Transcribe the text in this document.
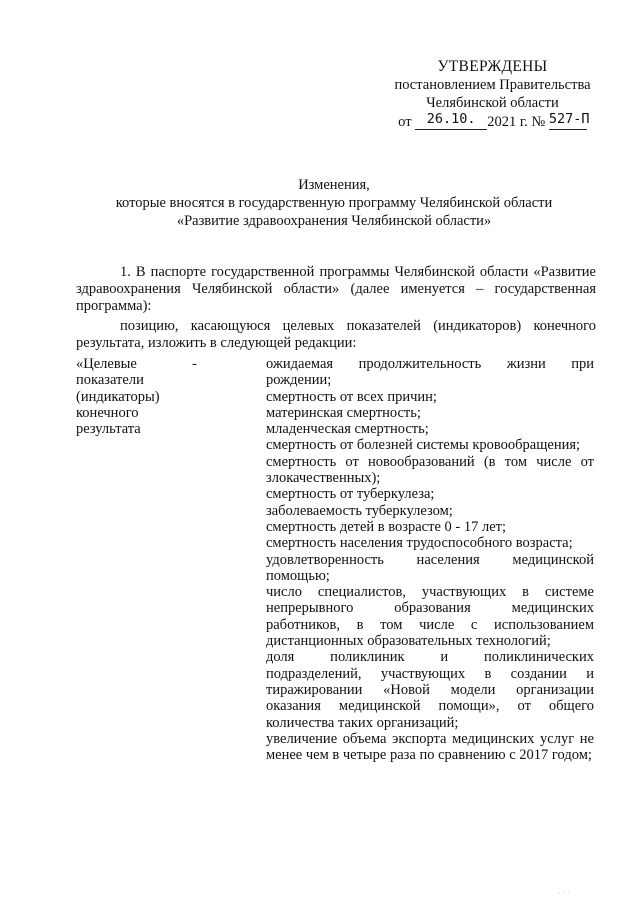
УТВЕРЖДЕНЫ
постановлением Правительства
Челябинской области
от 26.10. 2021 г. № 527-П
Изменения,
которые вносятся в государственную программу Челябинской области
«Развитие здравоохранения Челябинской области»
1. В паспорте государственной программы Челябинской области «Развитие здравоохранения Челябинской области» (далее именуется – государственная программа):
позицию, касающуюся целевых показателей (индикаторов) конечного результата, изложить в следующей редакции:
«Целевые показатели (индикаторы) конечного результата
-	ожидаемая продолжительность жизни при рождении;
смертность от всех причин;
материнская смертность;
младенческая смертность;
смертность от болезней системы кровообращения;
смертность от новообразований (в том числе от злокачественных);
смертность от туберкулеза;
заболеваемость туберкулезом;
смертность детей в возрасте 0 - 17 лет;
смертность населения трудоспособного возраста;
удовлетворенность населения медицинской помощью;
число специалистов, участвующих в системе непрерывного образования медицинских работников, в том числе с использованием дистанционных образовательных технологий;
доля поликлиник и поликлинических подразделений, участвующих в создании и тиражировании «Новой модели организации оказания медицинской помощи», от общего количества таких организаций;
увеличение объема экспорта медицинских услуг не менее чем в четыре раза по сравнению с 2017 годом;
· · ·
